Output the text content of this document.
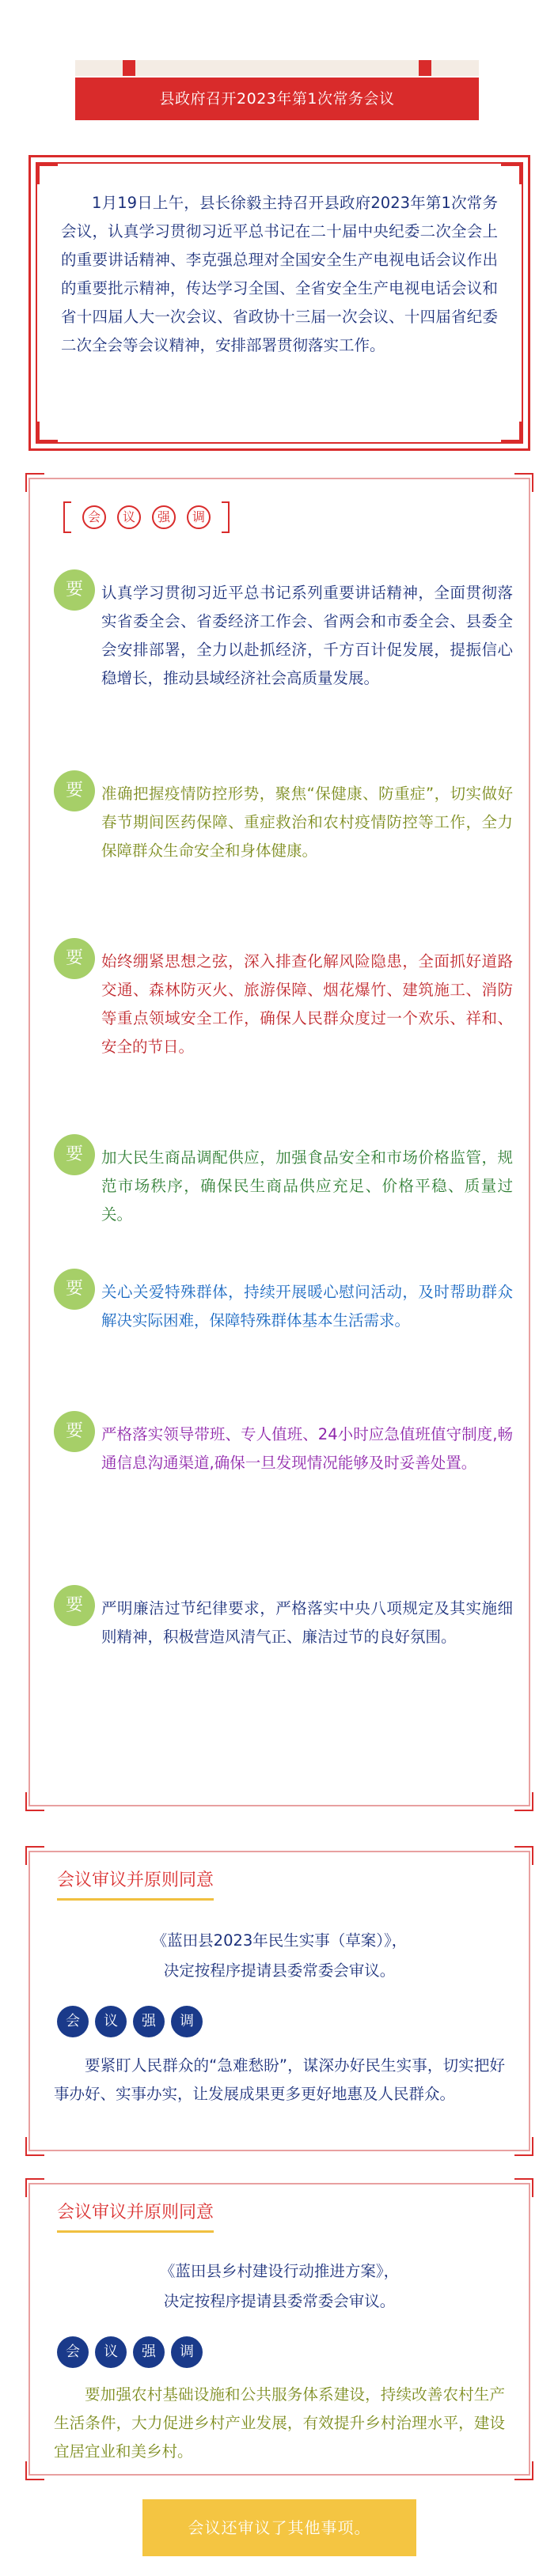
县政府召开2023年第1次常务会议

1月19日上午，县长徐毅主持召开县政府2023年第1次常务会议，认真学习贯彻习近平总书记在二十届中央纪委二次全会上的重要讲话精神、李克强总理对全国安全生产电视电话会议作出的重要批示精神，传达学习全国、全省安全生产电视电话会议和省十四届人大一次会议、省政协十三届一次会议、十四届省纪委二次全会等会议精神，安排部署贯彻落实工作。

会	议	强	调
要	认真学习贯彻习近平总书记系列重要讲话精神，全面贯彻落实省委全会、省委经济工作会、省两会和市委全会、县委全会安排部署，全力以赴抓经济，千方百计促发展，提振信心稳增长，推动县域经济社会高质量发展。

要	准确把握疫情防控形势，聚焦“保健康、防重症”，切实做好春节期间医药保障、重症救治和农村疫情防控等工作，全力保障群众生命安全和身体健康。

要	始终绷紧思想之弦，深入排查化解风险隐患，全面抓好道路交通、森林防灭火、旅游保障、烟花爆竹、建筑施工、消防等重点领域安全工作，确保人民群众度过一个欢乐、祥和、安全的节日。

要	加大民生商品调配供应，加强食品安全和市场价格监管，规范市场秩序，确保民生商品供应充足、价格平稳、质量过关。

要	关心关爱特殊群体，持续开展暖心慰问活动，及时帮助群众解决实际困难，保障特殊群体基本生活需求。

要	严格落实领导带班、专人值班、24小时应急值班值守制度,畅通信息沟通渠道,确保一旦发现情况能够及时妥善处置。

要	严明廉洁过节纪律要求，严格落实中央八项规定及其实施细则精神，积极营造风清气正、廉洁过节的良好氛围。

会议审议并原则同意
《蓝田县2023年民生实事（草案）》，
决定按程序提请县委常委会审议。
会	议	强	调

要紧盯人民群众的“急难愁盼”，谋深办好民生实事，切实把好事办好、实事办实，让发展成果更多更好地惠及人民群众。

会议审议并原则同意
《蓝田县乡村建设行动推进方案》，
决定按程序提请县委常委会审议。
会	议	强	调

要加强农村基础设施和公共服务体系建设，持续改善农村生产生活条件，大力促进乡村产业发展，有效提升乡村治理水平，建设宜居宜业和美乡村。

会议还审议了其他事项。
